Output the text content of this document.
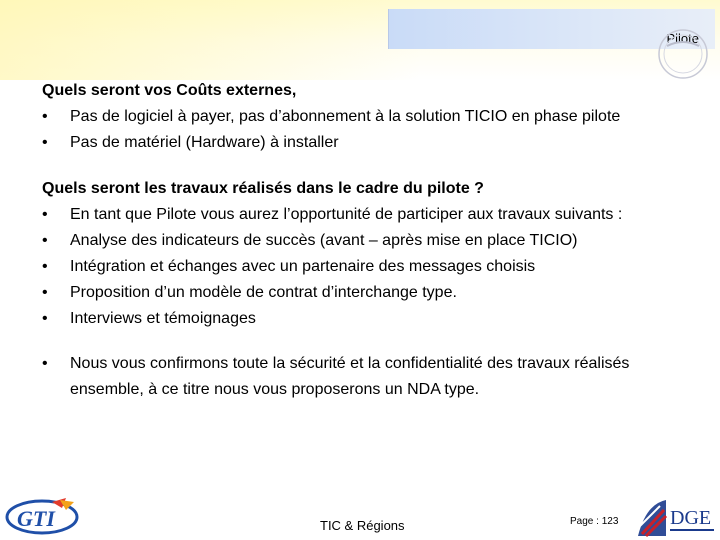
Pilote

Quels seront vos Coûts externes,

• Pas de logiciel à payer, pas d’abonnement à la solution TICIO en phase pilote
• Pas de matériel (Hardware) à installer

Quels seront les travaux réalisés dans le cadre du pilote ?

• En tant que Pilote vous aurez l’opportunité de participer aux travaux suivants :
• Analyse des indicateurs de succès (avant – après mise en place TICIO)
• Intégration et échanges avec un partenaire des messages choisis
• Proposition d’un modèle de contrat d’interchange type.
• Interviews et témoignages
• Nous vous confirmons toute la sécurité et la confidentialité des travaux réalisés ensemble, à ce titre nous vous proposerons un NDA type.
GTI	TIC & Régions	Page : 123	DGE
